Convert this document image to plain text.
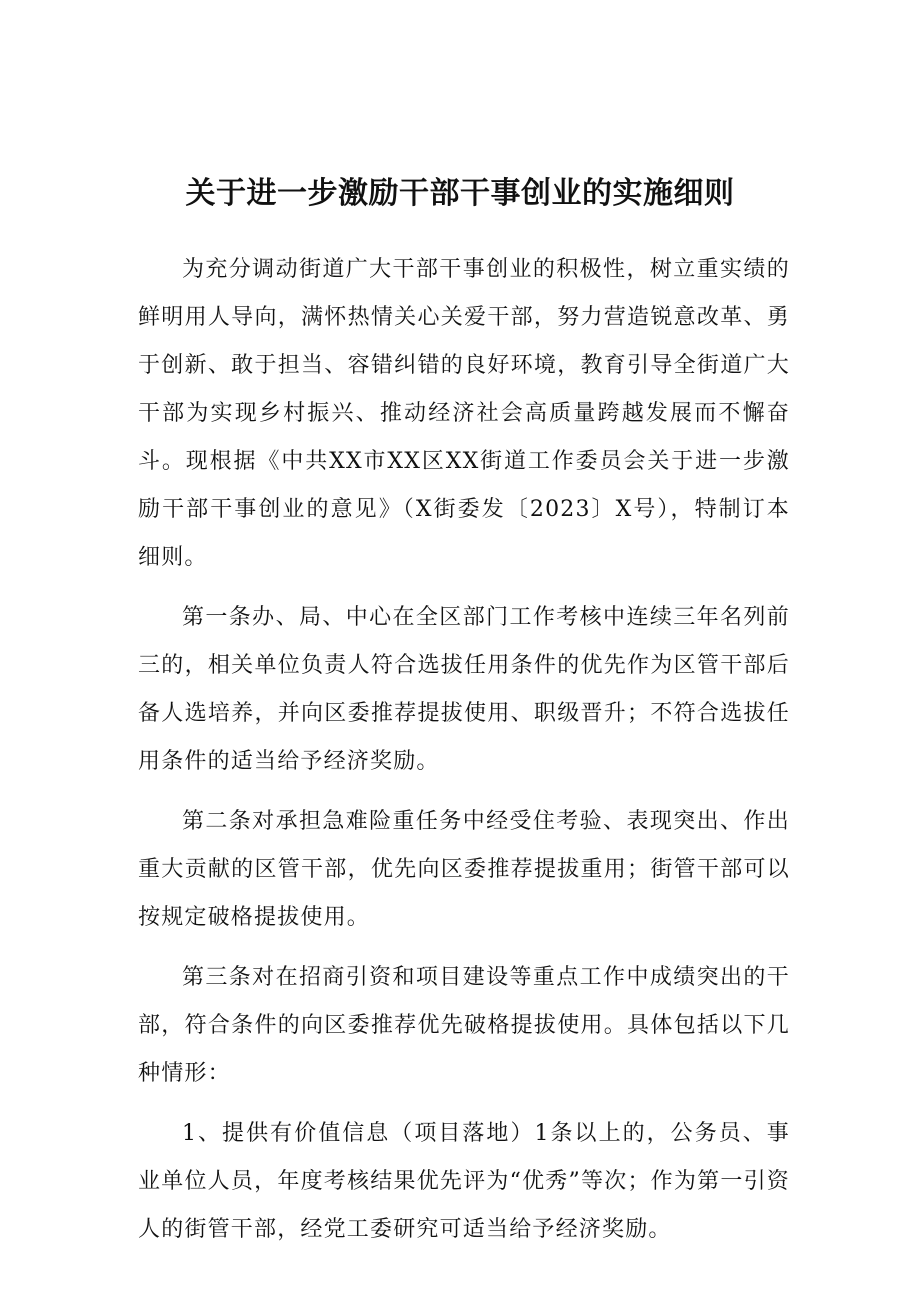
关于进一步激励干部干事创业的实施细则

为充分调动街道广大干部干事创业的积极性，树立重实绩的鲜明用人导向，满怀热情关心关爱干部，努力营造锐意改革、勇于创新、敢于担当、容错纠错的良好环境，教育引导全街道广大干部为实现乡村振兴、推动经济社会高质量跨越发展而不懈奋斗。现根据《中共XX市XX区XX街道工作委员会关于进一步激励干部干事创业的意见》（X街委发〔2023〕X号），特制订本细则。

第一条办、局、中心在全区部门工作考核中连续三年名列前三的，相关单位负责人符合选拔任用条件的优先作为区管干部后备人选培养，并向区委推荐提拔使用、职级晋升；不符合选拔任用条件的适当给予经济奖励。

第二条对承担急难险重任务中经受住考验、表现突出、作出重大贡献的区管干部，优先向区委推荐提拔重用；街管干部可以按规定破格提拔使用。

第三条对在招商引资和项目建设等重点工作中成绩突出的干部，符合条件的向区委推荐优先破格提拔使用。具体包括以下几种情形：

1、提供有价值信息（项目落地）1条以上的，公务员、事业单位人员，年度考核结果优先评为“优秀”等次；作为第一引资人的街管干部，经党工委研究可适当给予经济奖励。
